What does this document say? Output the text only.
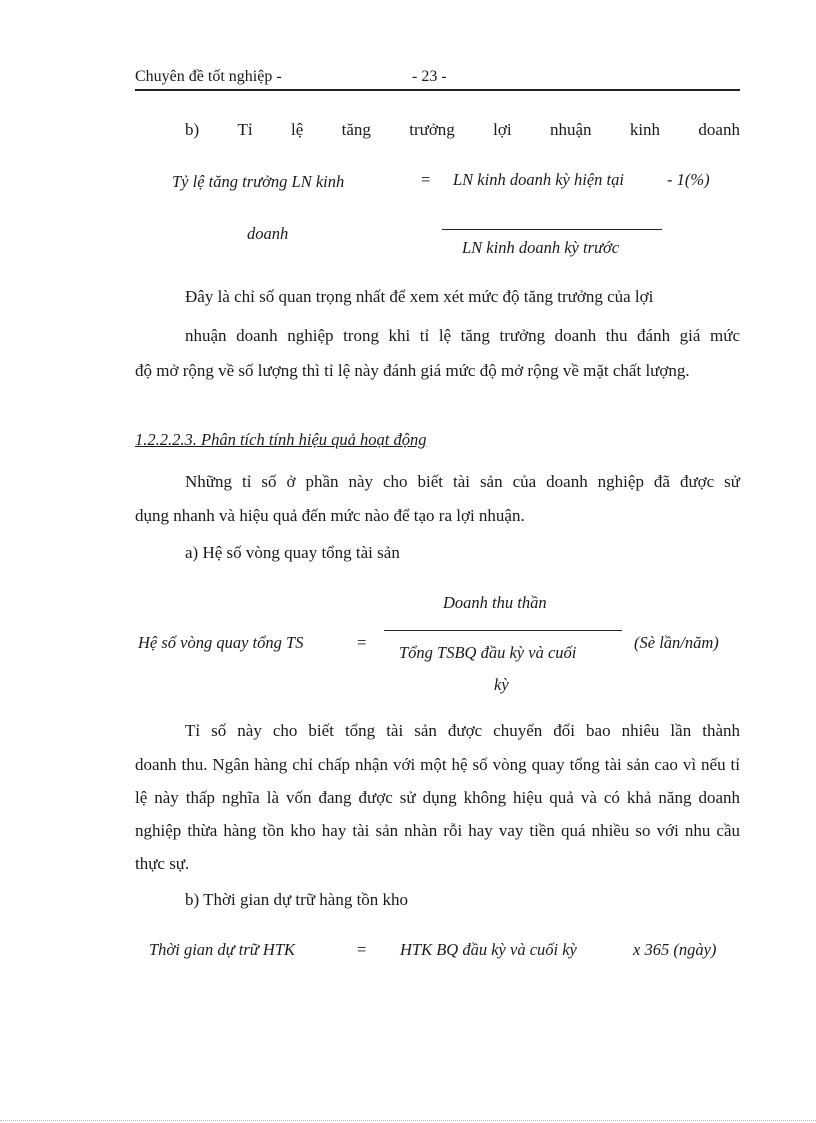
Chuyên đề tốt nghiệp -	- 23 -
b) Tỉ lệ tăng trưởng lợi nhuận kinh doanh
Tỷ lệ tăng trưởng LN kinh
doanh
= LN kinh doanh kỳ hiện tại	- 1(%)
LN kinh doanh kỳ trước
Đây là chỉ số quan trọng nhất để xem xét mức độ tăng trưởng của lợi
nhuận doanh nghiệp trong khi tỉ lệ tăng trưởng doanh thu đánh giá mức
độ mở rộng về số lượng thì tỉ lệ này đánh giá mức độ mở rộng về mặt chất lượng.
1.2.2.2.3. Phân tích tính hiệu quả hoạt động
Những tỉ số ở phần này cho biết tài sản của doanh nghiệp đã được sử
dụng nhanh và hiệu quả đến mức nào để tạo ra lợi nhuận.
a) Hệ số vòng quay tổng tài sản
Doanh thu thần
Hệ số vòng quay tổng TS	=
Tổng TSBQ đầu kỳ và cuối
(Sè lần/năm)
kỳ
Tỉ số này cho biết tổng tài sản được chuyển đổi bao nhiêu lần thành
doanh thu. Ngân hàng chỉ chấp nhận với một hệ số vòng quay tổng tài sản cao vì nếu tỉ lệ này thấp nghĩa là vốn đang được sử dụng không hiệu quả và có khả năng doanh nghiệp thừa hàng tồn kho hay tài sản nhàn rỗi hay vay tiền quá nhiều so với nhu cầu thực sự.
b) Thời gian dự trữ hàng tồn kho
Thời gian dự trữ HTK	= HTK BQ đầu kỳ và cuối kỳ	x 365 (ngày)
